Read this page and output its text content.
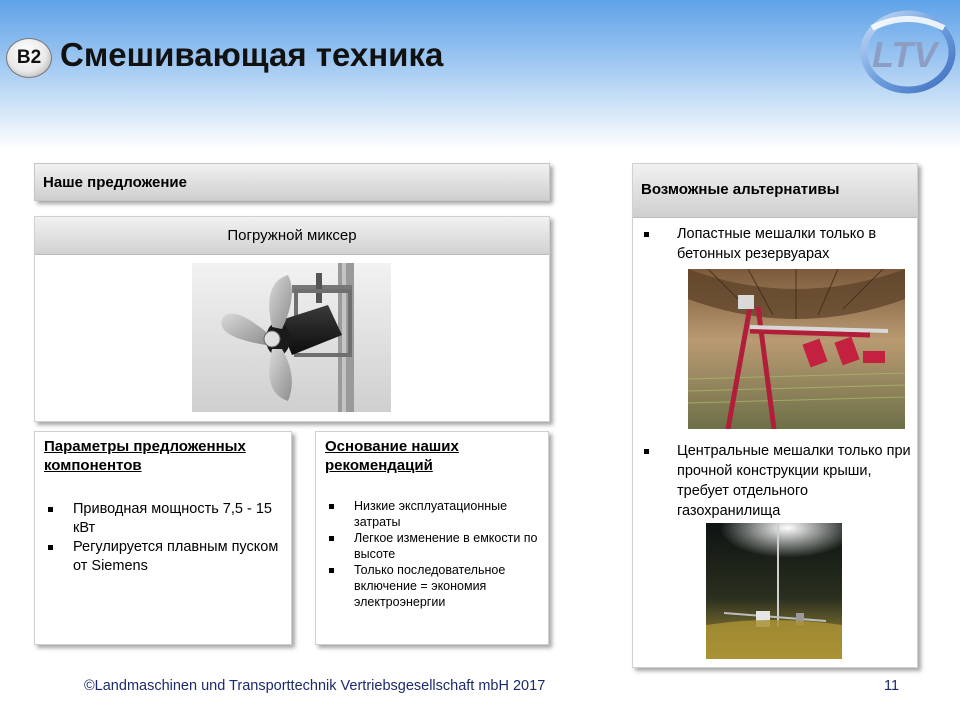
B2 Смешивающая техника	LTV
Наше предложение
Погружной миксер
Параметры предложенных компонентов
Приводная мощность 7,5 - 15 кВт
Регулируется плавным пуском от Siemens
Основание наших рекомендаций
Низкие эксплуатационные затраты
Легкое изменение в емкости по высоте
Только последовательное включение = экономия электроэнергии
Возможные альтернативы
Лопастные мешалки только в бетонных резервуарах
Центральные мешалки только при прочной конструкции крыши, требует отдельного газохранилища
©Landmaschinen und Transporttechnik Vertriebsgesellschaft mbH 2017	11
